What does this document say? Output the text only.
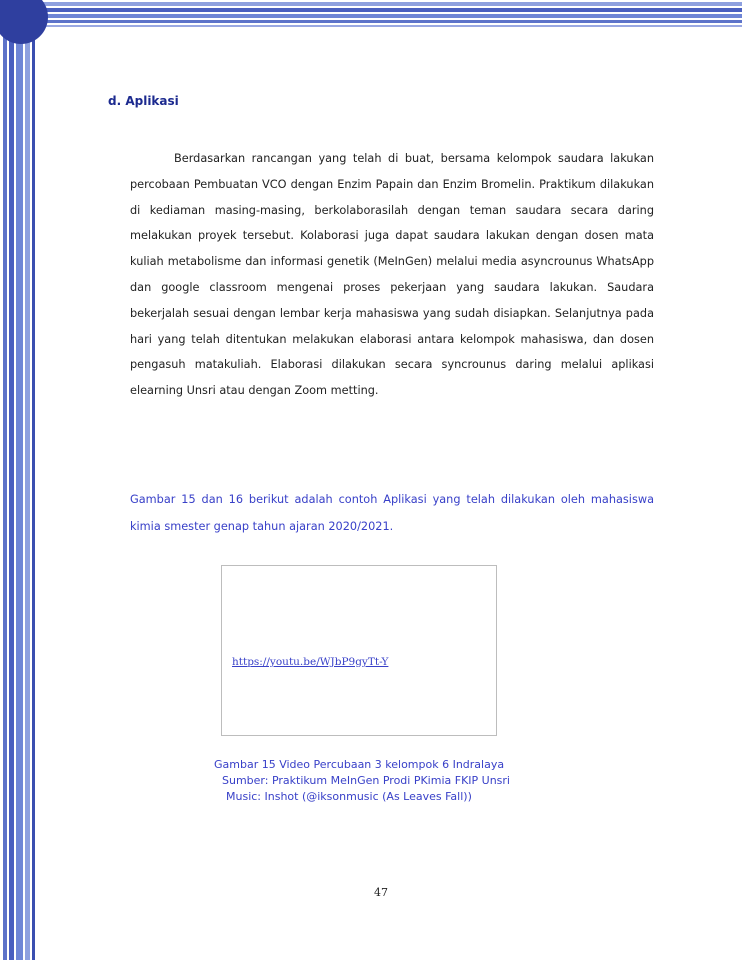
d. Aplikasi

Berdasarkan rancangan yang telah di buat, bersama kelompok saudara lakukan percobaan Pembuatan VCO dengan Enzim Papain dan Enzim Bromelin. Praktikum dilakukan di kediaman masing-masing, berkolaborasilah dengan teman saudara secara daring melakukan proyek tersebut. Kolaborasi juga dapat saudara lakukan dengan dosen mata kuliah metabolisme dan informasi genetik (MeInGen) melalui media asyncrounus WhatsApp dan google classroom mengenai proses pekerjaan yang saudara lakukan. Saudara bekerjalah sesuai dengan lembar kerja mahasiswa yang sudah disiapkan. Selanjutnya pada hari yang telah ditentukan melakukan elaborasi antara kelompok mahasiswa, dan dosen pengasuh matakuliah. Elaborasi dilakukan secara syncrounus daring melalui aplikasi elearning Unsri atau dengan Zoom metting.

Gambar 15 dan 16 berikut adalah contoh Aplikasi yang telah dilakukan oleh mahasiswa kimia smester genap tahun ajaran 2020/2021.

https://youtu.be/WJbP9gyTt-Y
Gambar 15 Video Percubaan 3 kelompok 6 Indralaya
Sumber: Praktikum MeInGen Prodi PKimia FKIP Unsri
Music: Inshot (@iksonmusic (As Leaves Fall))
47
